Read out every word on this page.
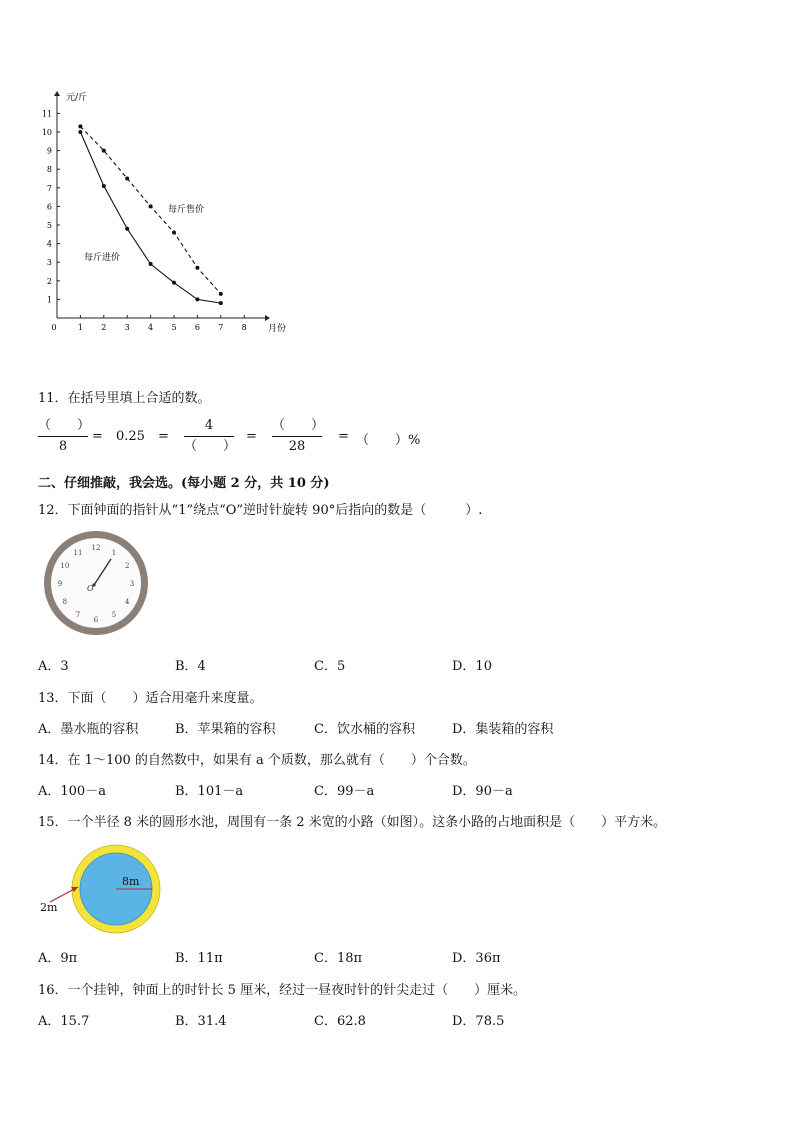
0	1 2 3 4 5 6 7 8
1
2
3
4
5
6
7
8
9
10
11
元/斤
月份
每斤售价
每斤进价
11．在括号里填上合适的数。
（　　）
8
= 0.25 =
4
（　　）
=
（　　）
28
= （　　）%
二、仔细推敲，我会选。(每小题 2 分，共 10 分)
12．下面钟面的指针从“1”绕点“O”逆时针旋转 90°后指向的数是（　　　）.
12
1
2
3
4
5
6
7
8
9
10
11
O
A．3	B．4	C．5	D．10
13．下面（　　）适合用毫升来度量。
A．墨水瓶的容积	B．苹果箱的容积	C．饮水桶的容积	D．集装箱的容积
14．在 1～100 的自然数中，如果有 a 个质数，那么就有（　　）个合数。
A．100－a	B．101－a	C．99－a	D．90－a
15．一个半径 8 米的圆形水池，周围有一条 2 米宽的小路（如图）。这条小路的占地面积是（　　）平方米。
8m
2m
A．9π	B．11π	C．18π	D．36π
16．一个挂钟，钟面上的时针长 5 厘米，经过一昼夜时针的针尖走过（　　）厘米。
A．15.7	B．31.4	C．62.8	D．78.5
